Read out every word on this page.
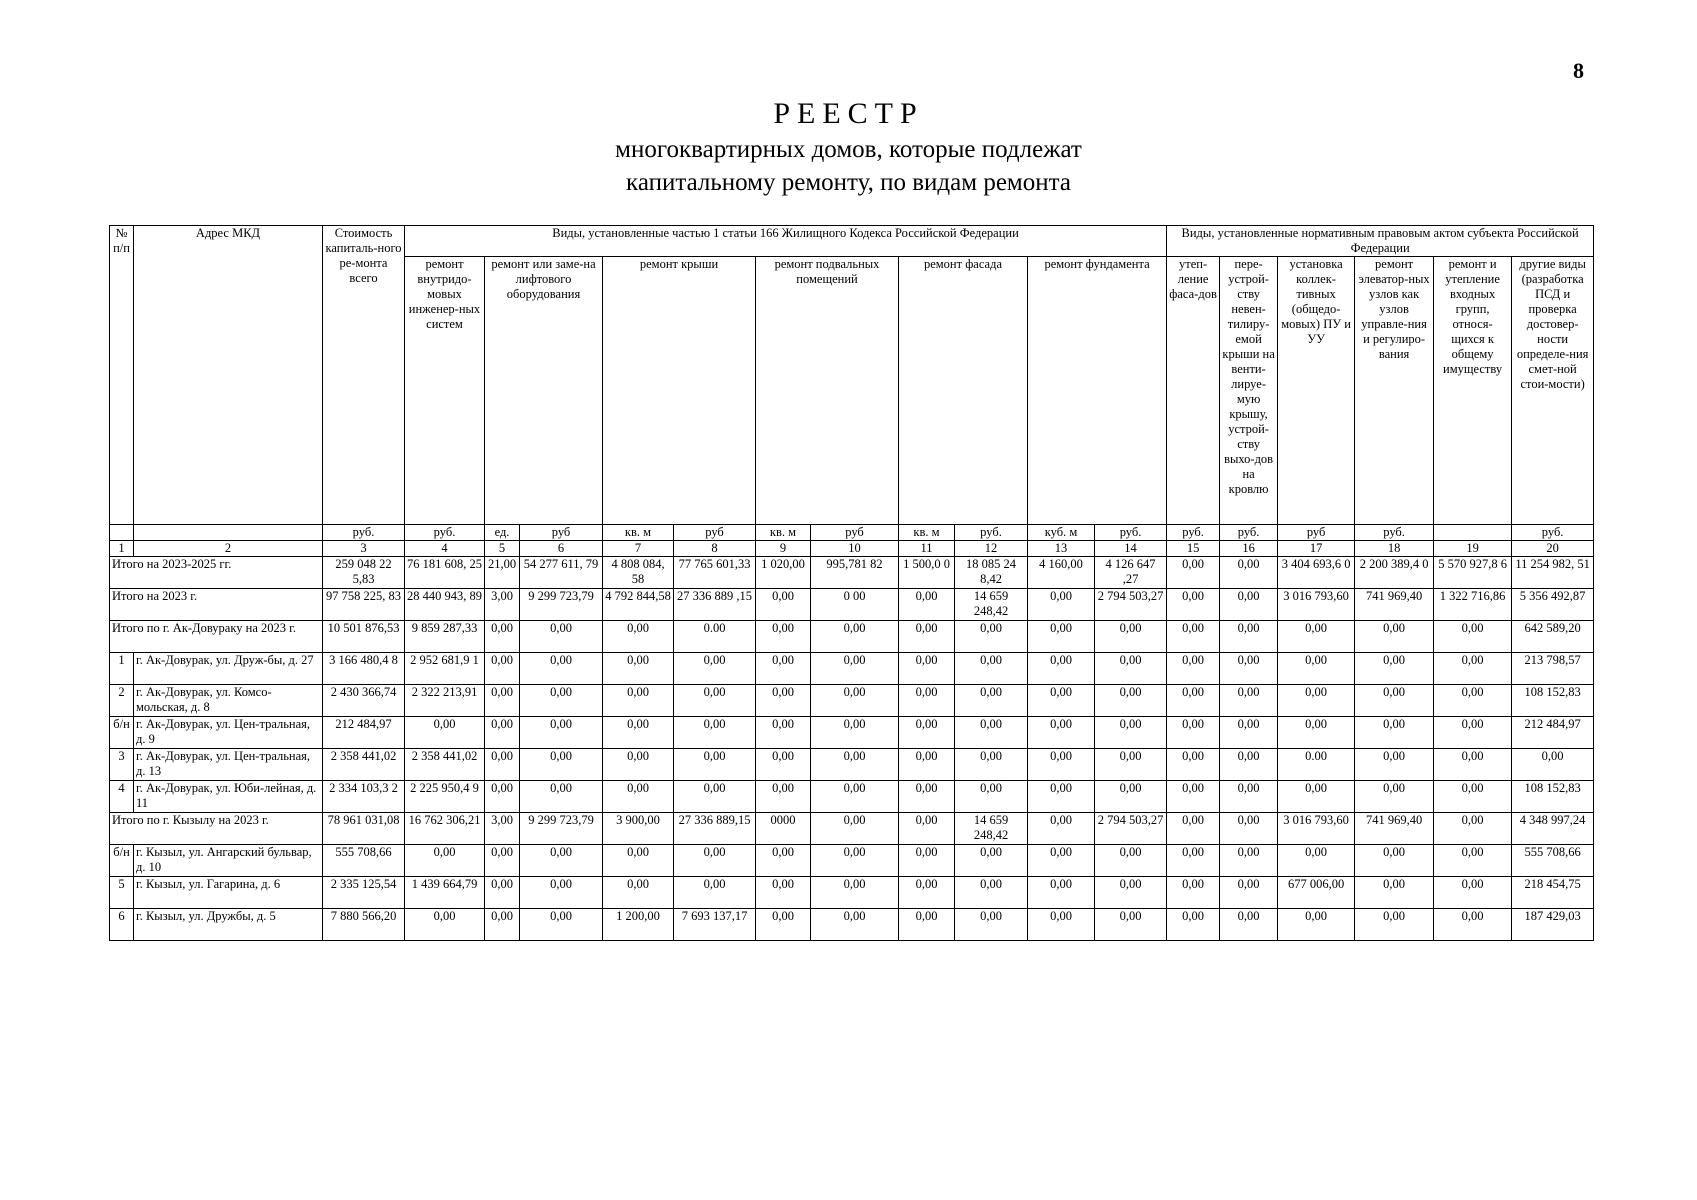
8
РЕЕСТР
многоквартирных домов, которые подлежат
капитальному ремонту, по видам ремонта
№ п/п	Адрес МКД	Стоимость капиталь-ного ре-монта всего	Виды, установленные частью 1 статьи 166 Жилищного Кодекса Российской Федерации											Виды, установленные нормативным правовым актом субъекта Российской Федерации					
			ремонт внутридо-мовых инженер-ных систем	ремонт или заме-на лифтового оборудования		ремонт крыши		ремонт подвальных помещений		ремонт фасада		ремонт фундамента		утеп-ление фаса-дов	пере-устрой-ству невен-тилиру-емой крыши на венти-лируе-мую крышу, устрой-ству выхо-дов на кровлю	установка коллек-тивных (общедо-мовых) ПУ и УУ	ремонт элеватор-ных узлов как узлов управле-ния и регулиро-вания	ремонт и утепление входных групп, относя-щихся к общему имуществу	другие виды (разработка ПСД и проверка достовер-ности определе-ния смет-ной стои-мости)
		руб.	руб.	ед.	руб	кв. м	руб	кв. м	руб	кв. м	руб.	куб. м	руб.	руб.	руб.	руб	руб.		руб.
1	2	3	4	5	6	7	8	9	10	11	12	13	14	15	16	17	18	19	20
Итого на 2023-2025 гг.		259 048 22 5,83	76 181 608, 25	21,00	54 277 611, 79	4 808 084, 58	77 765 601,33	1 020,00	995,781 82	1 500,0 0	18 085 24 8,42	4 160,00	4 126 647 ,27	0,00	0,00	3 404 693,6 0	2 200 389,4 0	5 570 927,8 6	11 254 982, 51
Итого на 2023 г.		97 758 225, 83	28 440 943, 89	3,00	9 299 723,79	4 792 844,58	27 336 889 ,15	0,00	0 00	0,00	14 659 248,42	0,00	2 794 503,27	0,00	0,00	3 016 793,60	741 969,40	1 322 716,86	5 356 492,87
Итого по г. Ак-Довураку на 2023 г.		10 501 876,53	9 859 287,33	0,00	0,00	0,00	0.00	0,00	0,00	0,00	0,00	0,00	0,00	0,00	0,00	0,00	0,00	0,00	642 589,20
1	г. Ак-Довурак, ул. Друж-бы, д. 27	3 166 480,4 8	2 952 681,9 1	0,00	0,00	0,00	0,00	0,00	0,00	0,00	0,00	0,00	0,00	0,00	0,00	0,00	0,00	0,00	213 798,57
2	г. Ак-Довурак, ул. Комсо-мольская, д. 8	2 430 366,74	2 322 213,91	0,00	0,00	0,00	0,00	0,00	0,00	0,00	0,00	0,00	0,00	0,00	0,00	0,00	0,00	0,00	108 152,83
б/н	г. Ак-Довурак, ул. Цен-тральная, д. 9	212 484,97	0,00	0,00	0,00	0,00	0,00	0,00	0,00	0,00	0,00	0,00	0,00	0,00	0,00	0,00	0,00	0,00	212 484,97
3	г. Ак-Довурак, ул. Цен-тральная, д. 13	2 358 441,02	2 358 441,02	0,00	0,00	0,00	0,00	0,00	0,00	0,00	0,00	0,00	0,00	0,00	0,00	0.00	0,00	0,00	0,00
4	г. Ак-Довурак, ул. Юби-лейная, д. 11	2 334 103,3 2	2 225 950,4 9	0,00	0,00	0,00	0,00	0,00	0,00	0,00	0,00	0,00	0,00	0,00	0,00	0,00	0,00	0,00	108 152,83
Итого по г. Кызылу на 2023 г.		78 961 031,08	16 762 306,21	3,00	9 299 723,79	3 900,00	27 336 889,15	0000	0,00	0,00	14 659 248,42	0,00	2 794 503,27	0,00	0,00	3 016 793,60	741 969,40	0,00	4 348 997,24
б/н	г. Кызыл, ул. Ангарский бульвар, д. 10	555 708,66	0,00	0,00	0,00	0,00	0,00	0,00	0,00	0,00	0,00	0,00	0,00	0,00	0,00	0,00	0,00	0,00	555 708,66
5	г. Кызыл, ул. Гагарина, д. 6	2 335 125,54	1 439 664,79	0,00	0,00	0,00	0,00	0,00	0,00	0,00	0,00	0,00	0,00	0,00	0,00	677 006,00	0,00	0,00	218 454,75
6	г. Кызыл, ул. Дружбы, д. 5	7 880 566,20	0,00	0,00	0,00	1 200,00	7 693 137,17	0,00	0,00	0,00	0,00	0,00	0,00	0,00	0,00	0,00	0,00	0,00	187 429,03
